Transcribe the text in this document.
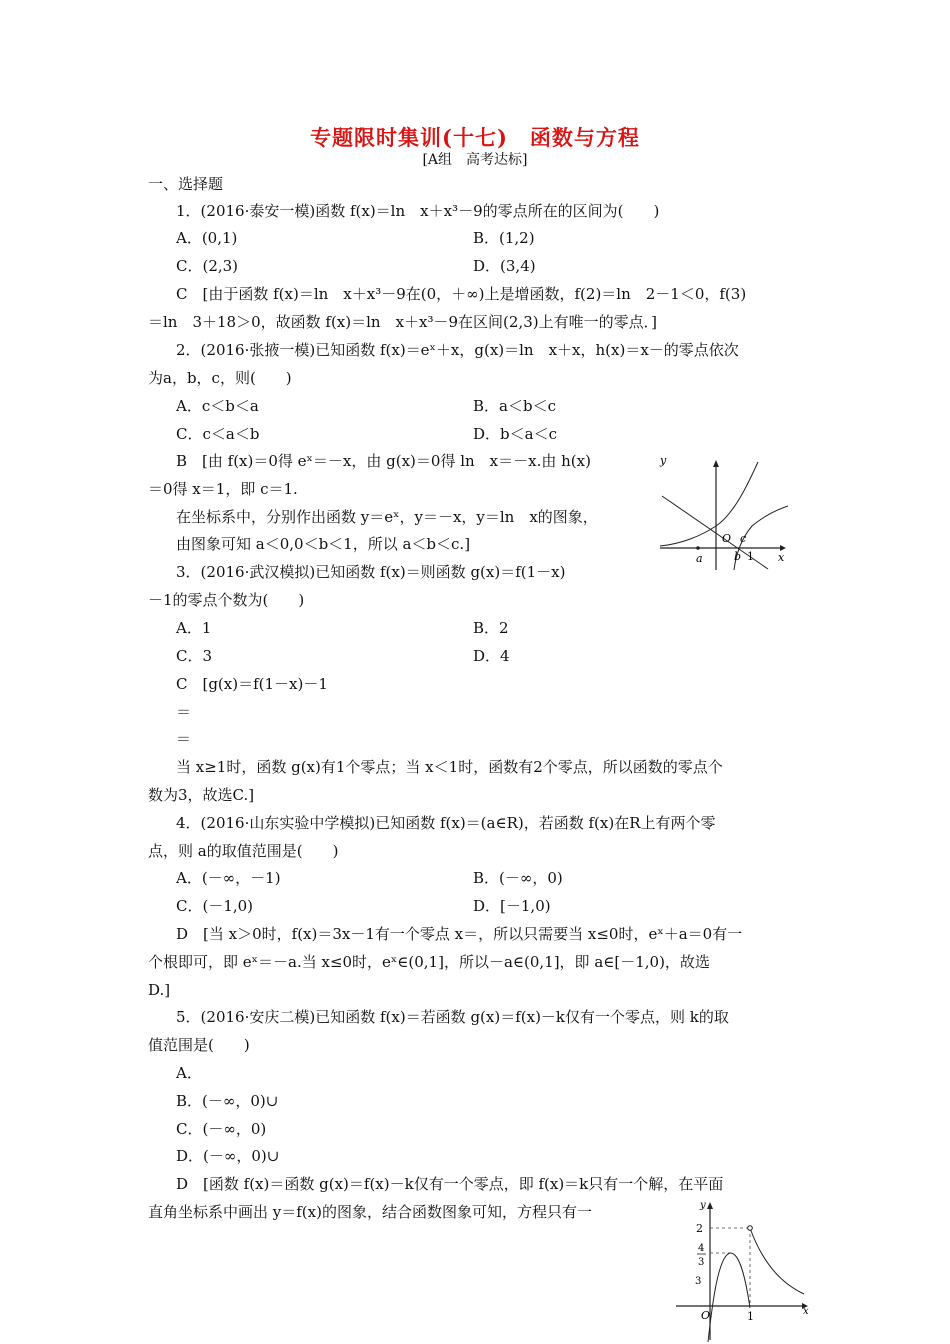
专题限时集训(十七)　函数与方程
[A组　高考达标]
一、选择题
1．(2016·泰安一模)函数 f(x)＝ln　x＋x³－9的零点所在的区间为(　　)
A．(0,1)	B．(1,2)
C．(2,3)	D．(3,4)
C　[由于函数 f(x)＝ln　x＋x³－9在(0，＋∞)上是增函数，f(2)＝ln　2－1＜0，f(3)
＝ln　3＋18＞0，故函数 f(x)＝ln　x＋x³－9在区间(2,3)上有唯一的零点．]
2．(2016·张掖一模)已知函数 f(x)＝eˣ＋x，g(x)＝ln　x＋x，h(x)＝x－的零点依次
为a，b，c，则(　　)
A．c＜b＜a	B．a＜b＜c
C．c＜a＜b	D．b＜a＜c
B　[由 f(x)＝0得 eˣ＝－x，由 g(x)＝0得 ln　x＝－x.由 h(x)
＝0得 x＝1，即 c＝1.
在坐标系中，分别作出函数 y＝eˣ，y＝－x，y＝ln　x的图象，
由图象可知 a＜0,0＜b＜1，所以 a＜b＜c.]
y
O
a	b
c
1 x
3．(2016·武汉模拟)已知函数 f(x)＝则函数 g(x)＝f(1－x)
－1的零点个数为(　　)
A．1	B．2
C．3	D．4
C　[g(x)＝f(1－x)－1
＝
＝
当 x≥1时，函数 g(x)有1个零点；当 x＜1时，函数有2个零点，所以函数的零点个
数为3，故选C.]
4．(2016·山东实验中学模拟)已知函数 f(x)＝(a∈R)，若函数 f(x)在R上有两个零
点，则 a的取值范围是(　　)
A．(－∞，－1)	B．(－∞，0)
C．(－1,0)	D．[－1,0)
D　[当 x＞0时，f(x)＝3x－1有一个零点 x＝，所以只需要当 x≤0时，eˣ＋a＝0有一
个根即可，即 eˣ＝－a.当 x≤0时，eˣ∈(0,1]，所以－a∈(0,1]，即 a∈[－1,0)，故选
D.]
5．(2016·安庆二模)已知函数 f(x)＝若函数 g(x)＝f(x)－k仅有一个零点，则 k的取
值范围是(　　)
A．
B．(－∞，0)∪
C．(－∞，0)
D．(－∞，0)∪
D　[函数 f(x)＝函数 g(x)＝f(x)－k仅有一个零点，即 f(x)＝k只有一个解，在平面
直角坐标系中画出 y＝f(x)的图象，结合函数图象可知，方程只有一	y
2
4
3
3
O	1	x
